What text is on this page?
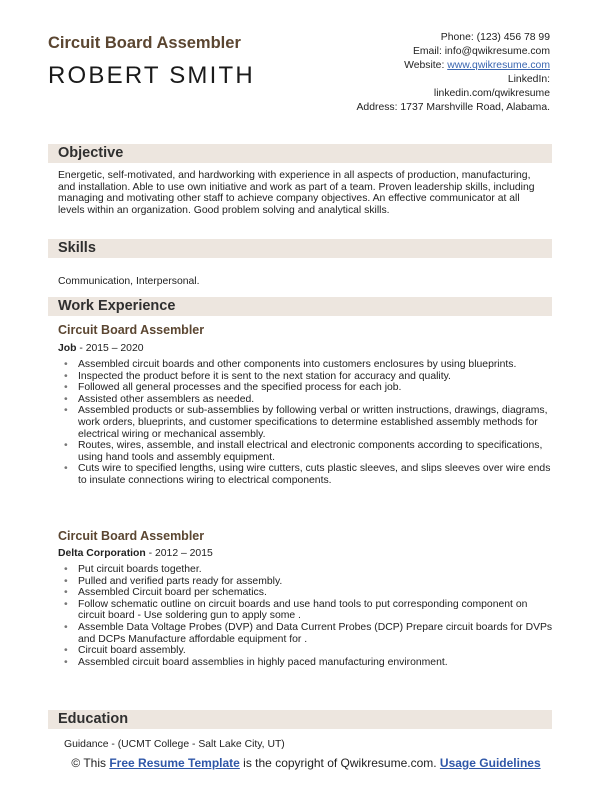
Circuit Board Assembler
ROBERT SMITH
Phone: (123) 456 78 99
Email: info@qwikresume.com
Website: www.qwikresume.com
LinkedIn:
linkedin.com/qwikresume
Address: 1737 Marshville Road, Alabama.
Objective
Energetic, self-motivated, and hardworking with experience in all aspects of production, manufacturing, and installation. Able to use own initiative and work as part of a team. Proven leadership skills, including managing and motivating other staff to achieve company objectives. An effective communicator at all levels within an organization. Good problem solving and analytical skills.
Skills
Communication, Interpersonal.
Work Experience
Circuit Board Assembler
Job - 2015 – 2020
• Assembled circuit boards and other components into customers enclosures by using blueprints.
• Inspected the product before it is sent to the next station for accuracy and quality.
• Followed all general processes and the specified process for each job.
• Assisted other assemblers as needed.
• Assembled products or sub-assemblies by following verbal or written instructions, drawings, diagrams, work orders, blueprints, and customer specifications to determine established assembly methods for electrical wiring or mechanical assembly.
• Routes, wires, assemble, and install electrical and electronic components according to specifications, using hand tools and assembly equipment.
• Cuts wire to specified lengths, using wire cutters, cuts plastic sleeves, and slips sleeves over wire ends to insulate connections wiring to electrical components.
Circuit Board Assembler
Delta Corporation - 2012 – 2015
• Put circuit boards together.
• Pulled and verified parts ready for assembly.
• Assembled Circuit board per schematics.
• Follow schematic outline on circuit boards and use hand tools to put corresponding component on circuit board - Use soldering gun to apply some .
• Assemble Data Voltage Probes (DVP) and Data Current Probes (DCP) Prepare circuit boards for DVPs and DCPs Manufacture affordable equipment for .
• Circuit board assembly.
• Assembled circuit board assemblies in highly paced manufacturing environment.
Education
Guidance - (UCMT College - Salt Lake City, UT)
© This Free Resume Template is the copyright of Qwikresume.com. Usage Guidelines
